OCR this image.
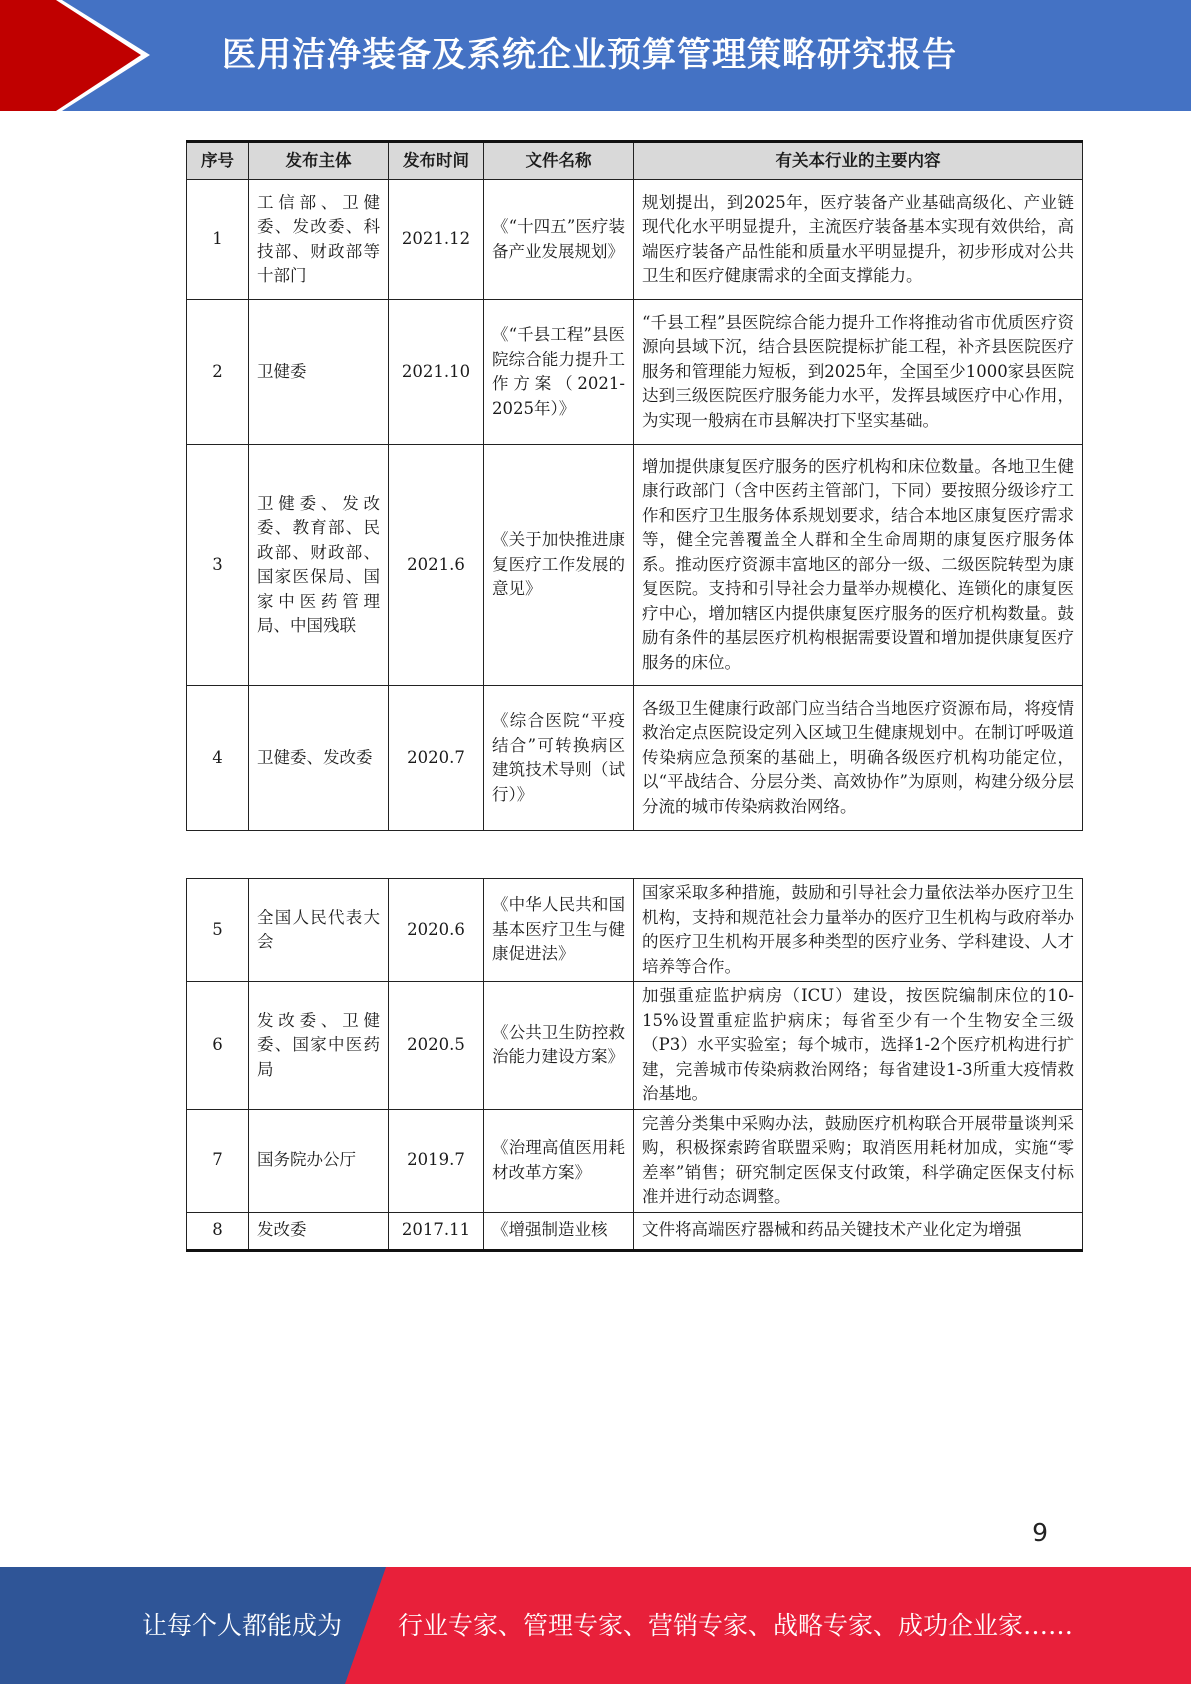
医用洁净装备及系统企业预算管理策略研究报告
序号	发布主体	发布时间	文件名称	有关本行业的主要内容
1	工信部、卫健委、发改委、科技部、财政部等十部门	2021.12	《“十四五”医疗装备产业发展规划》	规划提出，到2025年，医疗装备产业基础高级化、产业链现代化水平明显提升，主流医疗装备基本实现有效供给，高端医疗装备产品性能和质量水平明显提升，初步形成对公共卫生和医疗健康需求的全面支撑能力。
2	卫健委	2021.10	《“千县工程”县医院综合能力提升工作方案（2021-2025年）》	“千县工程”县医院综合能力提升工作将推动省市优质医疗资源向县域下沉，结合县医院提标扩能工程，补齐县医院医疗服务和管理能力短板，到2025年，全国至少1000家县医院达到三级医院医疗服务能力水平，发挥县域医疗中心作用，为实现一般病在市县解决打下坚实基础。
3	卫健委、发改委、教育部、民政部、财政部、国家医保局、国家中医药管理局、中国残联	2021.6	《关于加快推进康复医疗工作发展的意见》	增加提供康复医疗服务的医疗机构和床位数量。各地卫生健康行政部门（含中医药主管部门，下同）要按照分级诊疗工作和医疗卫生服务体系规划要求，结合本地区康复医疗需求等，健全完善覆盖全人群和全生命周期的康复医疗服务体系。推动医疗资源丰富地区的部分一级、二级医院转型为康复医院。支持和引导社会力量举办规模化、连锁化的康复医疗中心，增加辖区内提供康复医疗服务的医疗机构数量。鼓励有条件的基层医疗机构根据需要设置和增加提供康复医疗服务的床位。
4	卫健委、发改委	2020.7	《综合医院“平疫结合”可转换病区建筑技术导则（试行）》	各级卫生健康行政部门应当结合当地医疗资源布局，将疫情救治定点医院设定列入区域卫生健康规划中。在制订呼吸道传染病应急预案的基础上，明确各级医疗机构功能定位，以“平战结合、分层分类、高效协作”为原则，构建分级分层分流的城市传染病救治网络。
5	全国人民代表大会	2020.6	《中华人民共和国基本医疗卫生与健康促进法》	国家采取多种措施，鼓励和引导社会力量依法举办医疗卫生机构，支持和规范社会力量举办的医疗卫生机构与政府举办的医疗卫生机构开展多种类型的医疗业务、学科建设、人才培养等合作。
6	发改委、卫健委、国家中医药局	2020.5	《公共卫生防控救治能力建设方案》	加强重症监护病房（ICU）建设，按医院编制床位的10-15%设置重症监护病床；每省至少有一个生物安全三级（P3）水平实验室；每个城市，选择1-2个医疗机构进行扩建，完善城市传染病救治网络；每省建设1-3所重大疫情救治基地。
7	国务院办公厅	2019.7	《治理高值医用耗材改革方案》	完善分类集中采购办法，鼓励医疗机构联合开展带量谈判采购，积极探索跨省联盟采购；取消医用耗材加成，实施“零差率”销售；研究制定医保支付政策，科学确定医保支付标准并进行动态调整。
8	发改委	2017.11	《增强制造业核	文件将高端医疗器械和药品关键技术产业化定为增强
9
让每个人都能成为 行业专家、管理专家、营销专家、战略专家、成功企业家……
